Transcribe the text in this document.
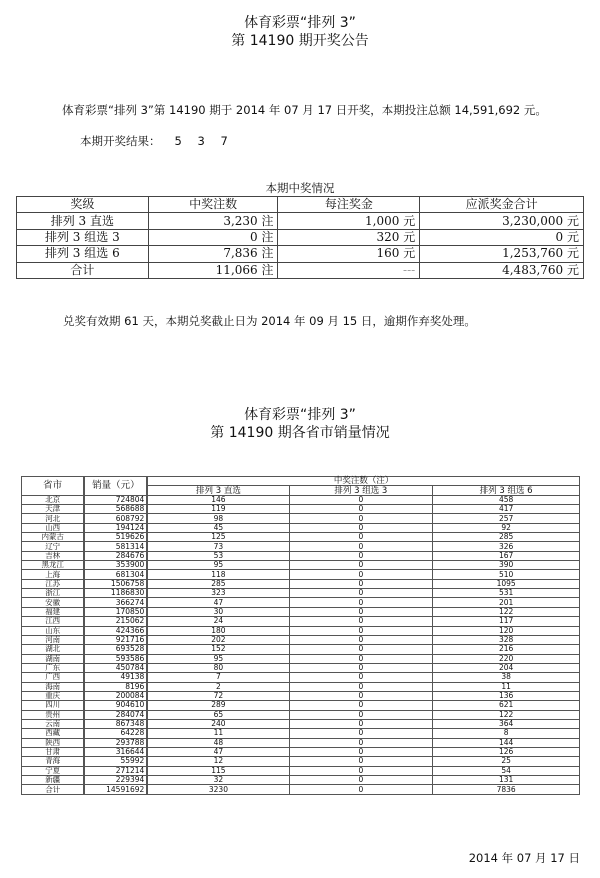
体育彩票“排列 3”
第 14190 期开奖公告
体育彩票“排列 3”第 14190 期于 2014 年 07 月 17 日开奖，本期投注总额 14,591,692 元。
本期开奖结果： 5 3 7
本期中奖情况
奖级	中奖注数	每注奖金	应派奖金合计
排列 3 直选	3,230 注	1,000 元	3,230,000 元
排列 3 组选 3	0 注	320 元	0 元
排列 3 组选 6	7,836 注	160 元	1,253,760 元
合计	11,066 注	---	4,483,760 元
兑奖有效期 61 天，本期兑奖截止日为 2014 年 09 月 15 日，逾期作弃奖处理。
体育彩票“排列 3”
第 14190 期各省市销量情况
省市	销量（元）	中奖注数（注）		
		排列 3 直选	排列 3 组选 3	排列 3 组选 6
北京	724804	146	0	458
天津	568688	119	0	417
河北	608792	98	0	257
山西	194124	45	0	92
内蒙古	519626	125	0	285
辽宁	581314	73	0	326
吉林	284676	53	0	167
黑龙江	353900	95	0	390
上海	681304	118	0	510
江苏	1506758	285	0	1095
浙江	1186830	323	0	531
安徽	366274	47	0	201
福建	170850	30	0	122
江西	215062	24	0	117
山东	424366	180	0	120
河南	921716	202	0	328
湖北	693528	152	0	216
湖南	593586	95	0	220
广东	450784	80	0	204
广西	49138	7	0	38
海南	8196	2	0	11
重庆	200084	72	0	136
四川	904610	289	0	621
贵州	284074	65	0	122
云南	867348	240	0	364
西藏	64228	11	0	8
陕西	293788	48	0	144
甘肃	316644	47	0	126
青海	55992	12	0	25
宁夏	271214	115	0	54
新疆	229394	32	0	131
合计	14591692	3230	0	7836
2014 年 07 月 17 日
